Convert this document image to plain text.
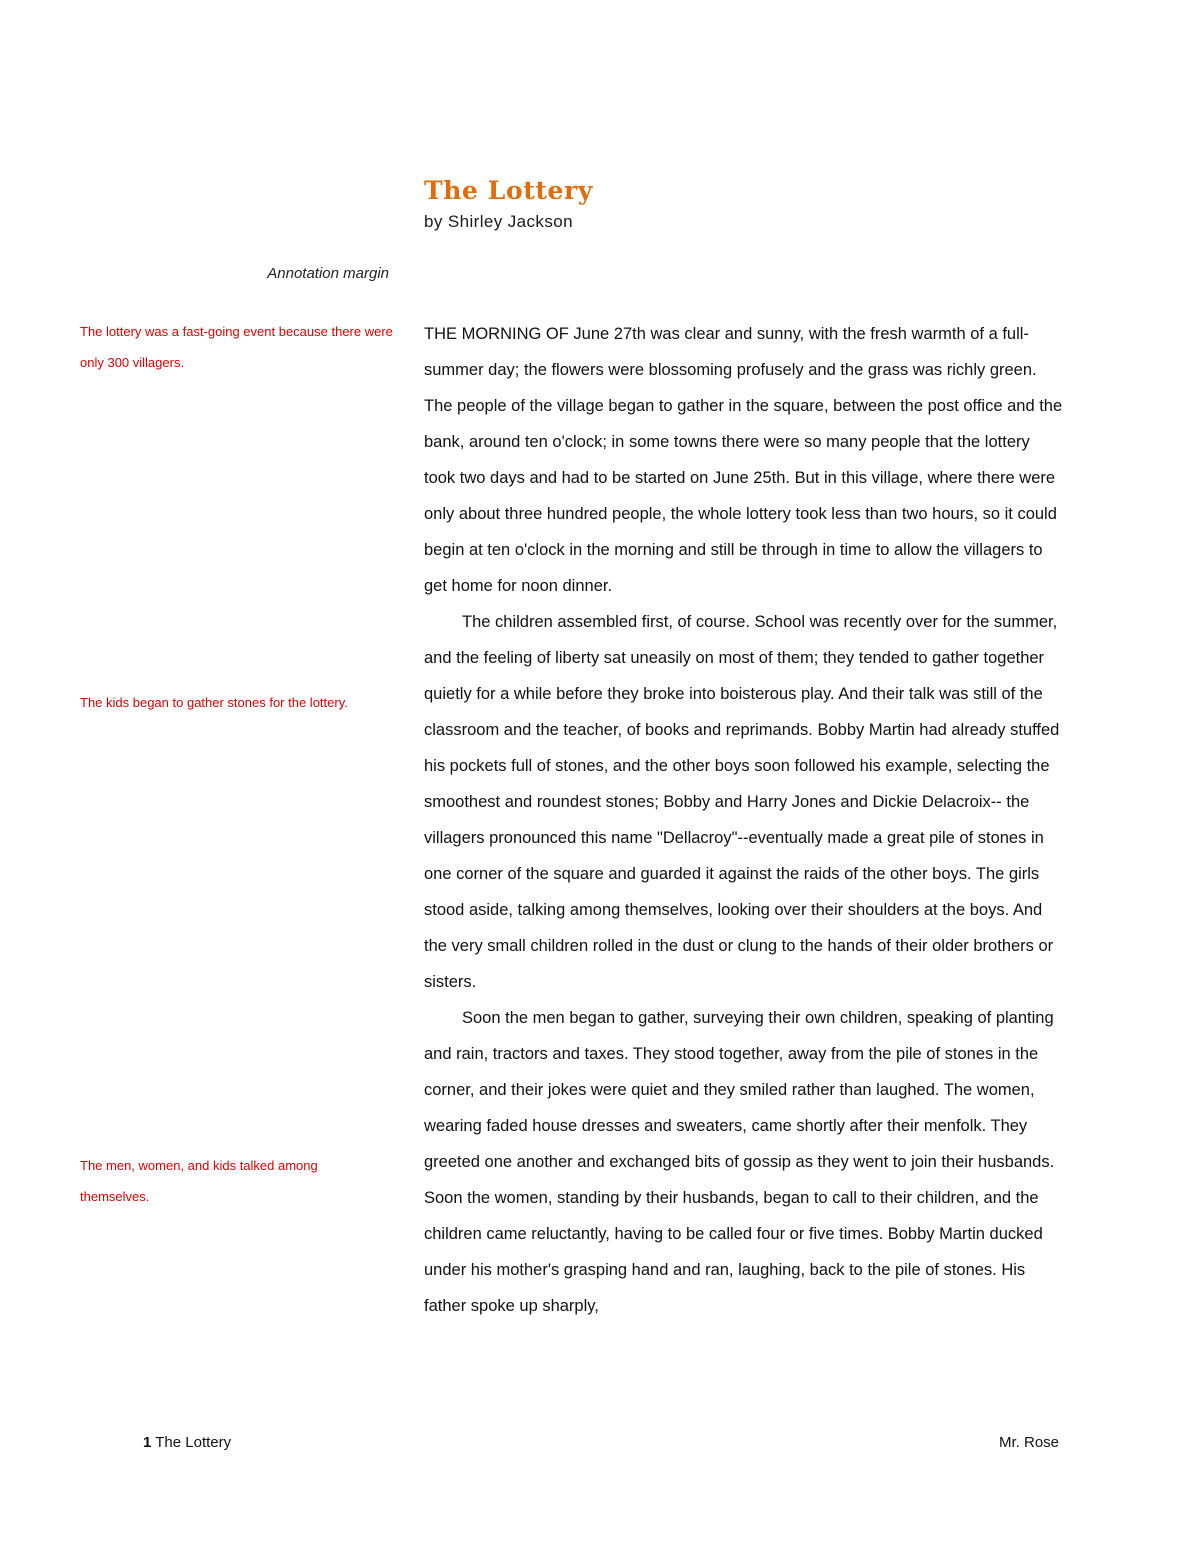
The Lottery
by Shirley Jackson
Annotation margin
The lottery was a fast-going event because there were only 300 villagers.
The kids began to gather stones for the lottery.
The men, women, and kids talked among themselves.

THE MORNING OF June 27th was clear and sunny, with the fresh warmth of a full-summer day; the flowers were blossoming profusely and the grass was richly green. The people of the village began to gather in the square, between the post office and the bank, around ten o'clock; in some towns there were so many people that the lottery took two days and had to be started on June 25th. But in this village, where there were only about three hundred people, the whole lottery took less than two hours, so it could begin at ten o'clock in the morning and still be through in time to allow the villagers to get home for noon dinner.

The children assembled first, of course. School was recently over for the summer, and the feeling of liberty sat uneasily on most of them; they tended to gather together quietly for a while before they broke into boisterous play. And their talk was still of the classroom and the teacher, of books and reprimands. Bobby Martin had already stuffed his pockets full of stones, and the other boys soon followed his example, selecting the smoothest and roundest stones; Bobby and Harry Jones and Dickie Delacroix-- the villagers pronounced this name "Dellacroy"--eventually made a great pile of stones in one corner of the square and guarded it against the raids of the other boys. The girls stood aside, talking among themselves, looking over their shoulders at the boys. And the very small children rolled in the dust or clung to the hands of their older brothers or sisters.

Soon the men began to gather, surveying their own children, speaking of planting and rain, tractors and taxes. They stood together, away from the pile of stones in the corner, and their jokes were quiet and they smiled rather than laughed. The women, wearing faded house dresses and sweaters, came shortly after their menfolk. They greeted one another and exchanged bits of gossip as they went to join their husbands. Soon the women, standing by their husbands, began to call to their children, and the children came reluctantly, having to be called four or five times. Bobby Martin ducked under his mother's grasping hand and ran, laughing, back to the pile of stones. His father spoke up sharply,

1 The Lottery	Mr. Rose
